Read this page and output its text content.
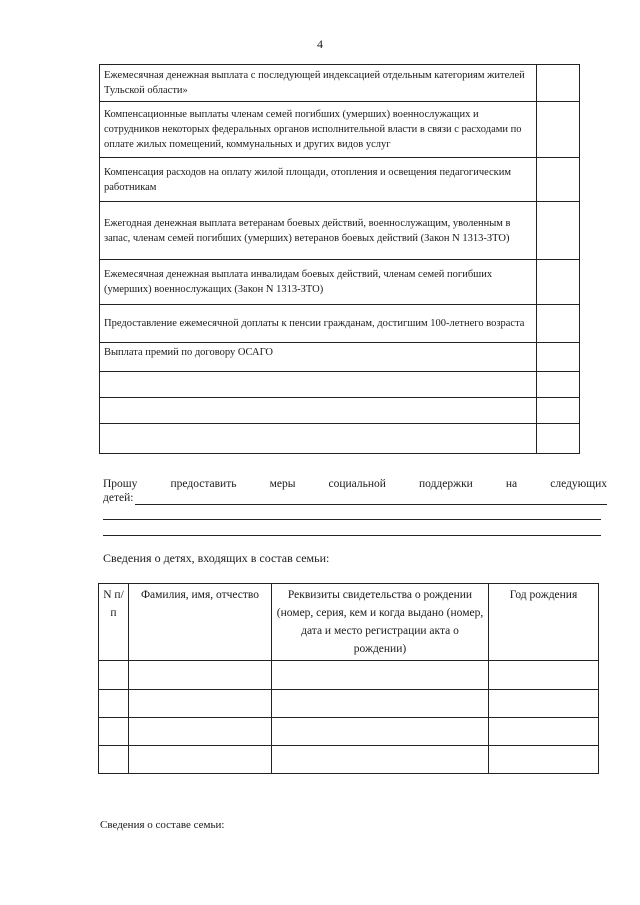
4
Ежемесячная денежная выплата с последующей индексацией отдельным категориям жителей Тульской области»	
Компенсационные выплаты членам семей погибших (умерших) военнослужащих и сотрудников некоторых федеральных органов исполнительной власти в связи с расходами по оплате жилых помещений, коммунальных и других видов услуг	
Компенсация расходов на оплату жилой площади, отопления и освещения педагогическим работникам	
Ежегодная денежная выплата ветеранам боевых действий, военнослужащим, уволенным в запас, членам семей погибших (умерших) ветеранов боевых действий (Закон N 1313-ЗТО)	
Ежемесячная денежная выплата инвалидам боевых действий, членам семей погибших (умерших) военнослужащих (Закон N 1313-ЗТО)	
Предоставление ежемесячной доплаты к пенсии гражданам, достигшим 100-летнего возраста	
Выплата премий по договору ОСАГО	

Прошу	предоставить	меры	социальной	поддержки	на	следующих
детей:
Сведения о детях, входящих в состав семьи:
N п/п	Фамилия, имя, отчество	Реквизиты свидетельства о рождении (номер, серия, кем и когда выдано (номер, дата и место регистрации акта о рождении)	Год рождения

Сведения о составе семьи:
